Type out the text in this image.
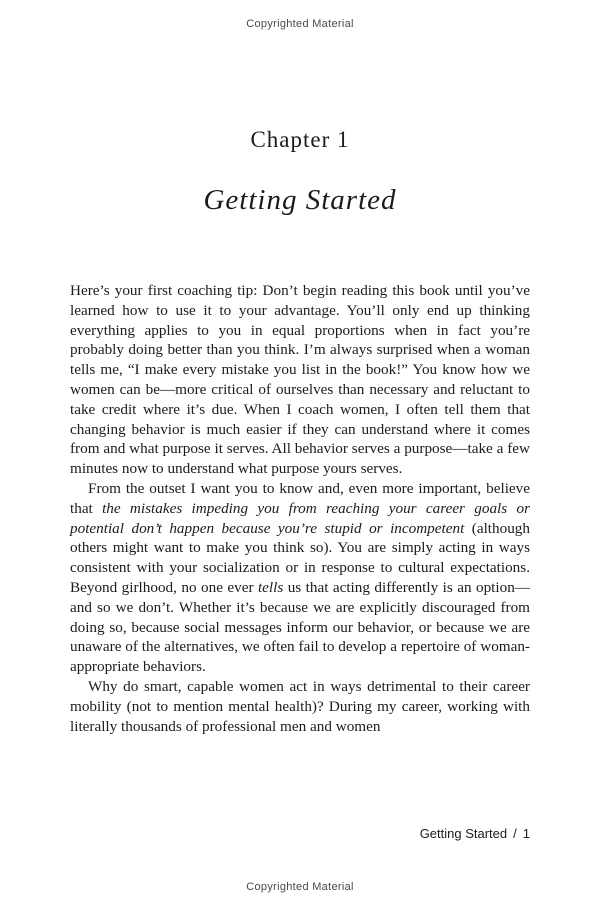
Copyrighted Material
Chapter 1
Getting Started

Here’s your first coaching tip: Don’t begin reading this book until you’ve learned how to use it to your advantage. You’ll only end up thinking everything applies to you in equal proportions when in fact you’re probably doing better than you think. I’m always surprised when a woman tells me, “I make every mistake you list in the book!” You know how we women can be—more critical of ourselves than necessary and reluctant to take credit where it’s due. When I coach women, I often tell them that changing behavior is much easier if they can understand where it comes from and what purpose it serves. All behavior serves a purpose—take a few minutes now to understand what purpose yours serves.

From the outset I want you to know and, even more important, believe that the mistakes impeding you from reaching your career goals or potential don’t happen because you’re stupid or incompetent (although others might want to make you think so). You are simply acting in ways consistent with your socialization or in response to cultural expectations. Beyond girlhood, no one ever tells us that acting differently is an option—and so we don’t. Whether it’s because we are explicitly discouraged from doing so, because social messages inform our behavior, or because we are unaware of the alternatives, we often fail to develop a repertoire of woman-appropriate behaviors.

Why do smart, capable women act in ways detrimental to their career mobility (not to mention mental health)? During my career, working with literally thousands of professional men and women

Getting Started / 1
Copyrighted Material
